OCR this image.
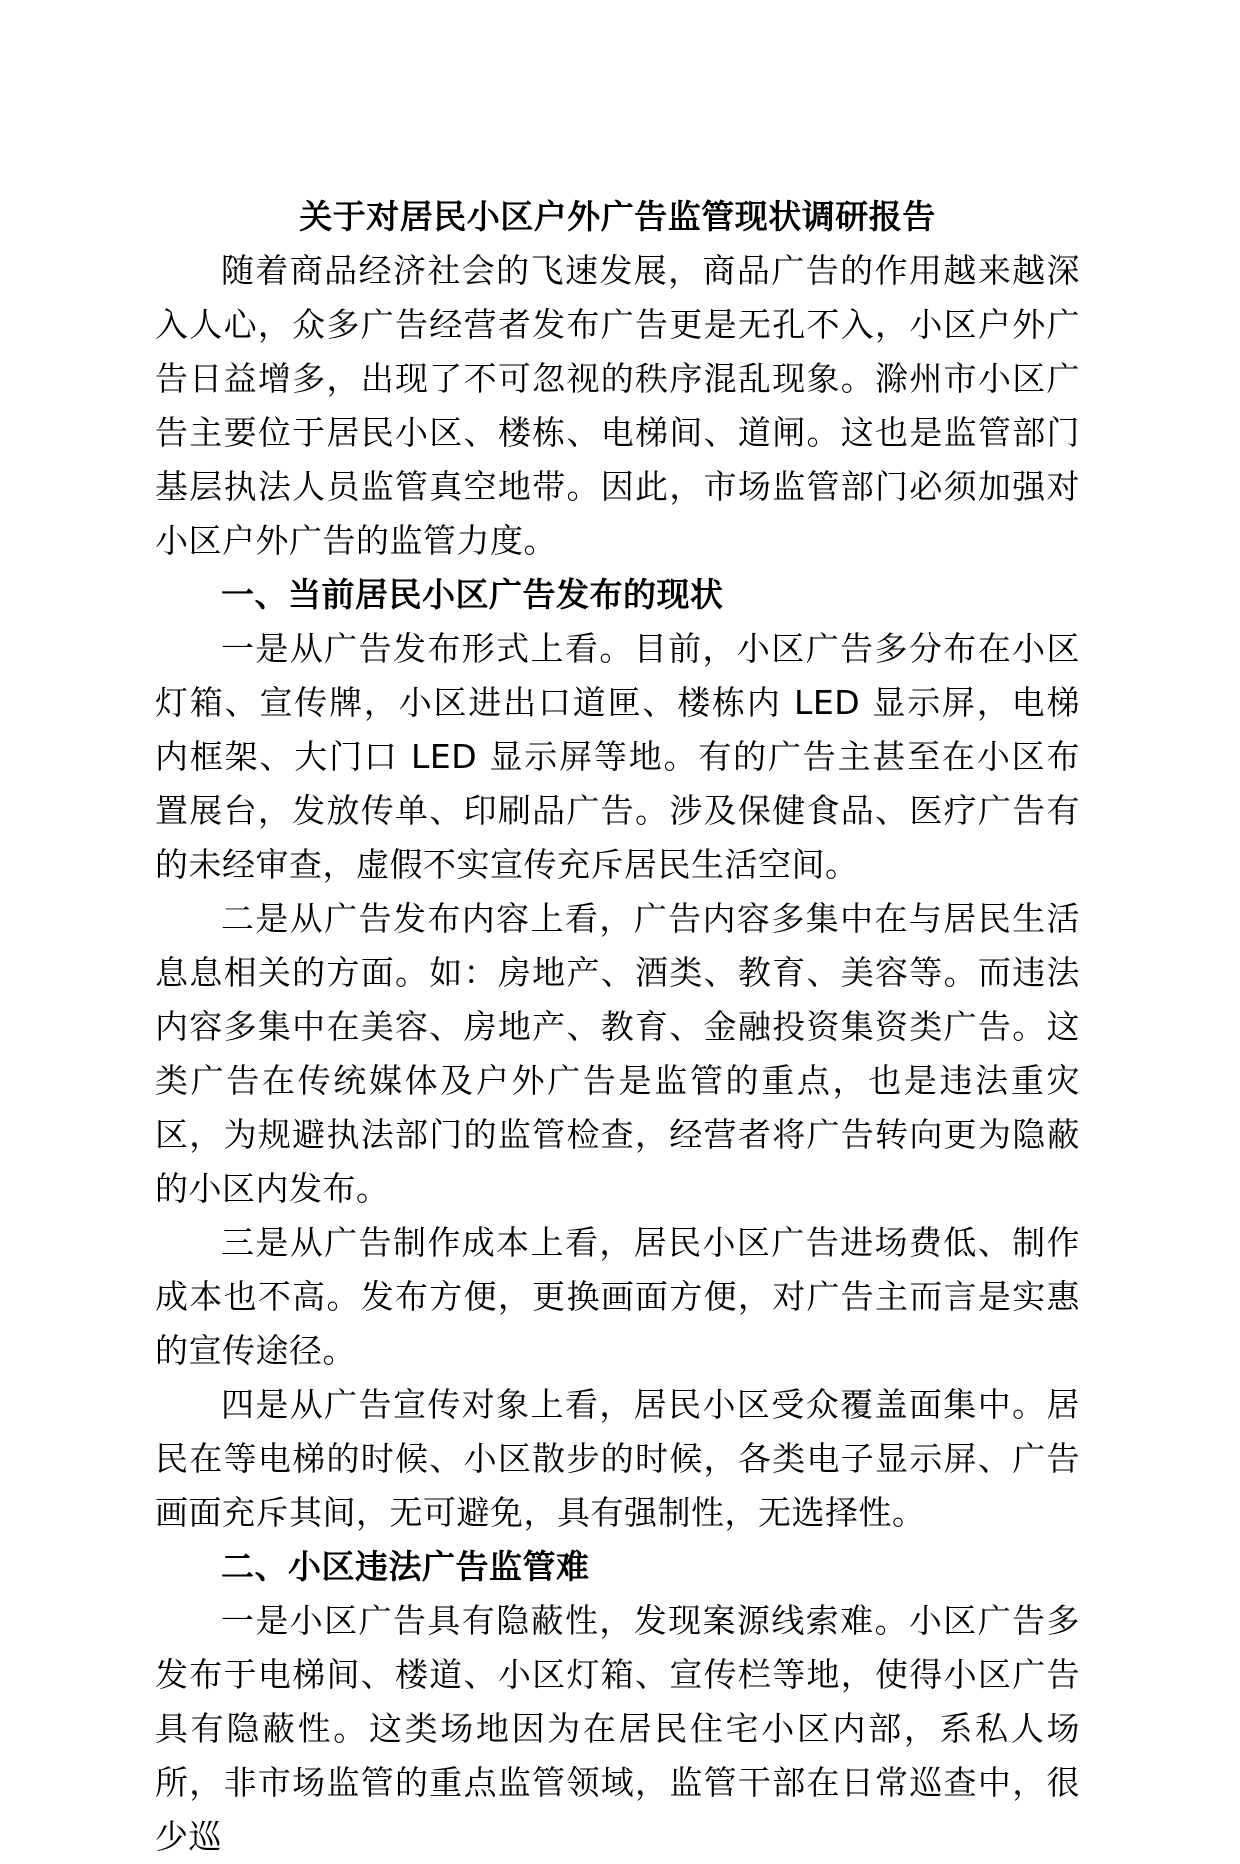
关于对居民小区户外广告监管现状调研报告

随着商品经济社会的飞速发展，商品广告的作用越来越深入人心，众多广告经营者发布广告更是无孔不入，小区户外广告日益增多，出现了不可忽视的秩序混乱现象。滁州市小区广告主要位于居民小区、楼栋、电梯间、道闸。这也是监管部门基层执法人员监管真空地带。因此，市场监管部门必须加强对小区户外广告的监管力度。

一、当前居民小区广告发布的现状

一是从广告发布形式上看。目前，小区广告多分布在小区灯箱、宣传牌，小区进出口道匣、楼栋内 LED 显示屏，电梯内框架、大门口 LED 显示屏等地。有的广告主甚至在小区布置展台，发放传单、印刷品广告。涉及保健食品、医疗广告有的未经审查，虚假不实宣传充斥居民生活空间。

二是从广告发布内容上看，广告内容多集中在与居民生活息息相关的方面。如：房地产、酒类、教育、美容等。而违法内容多集中在美容、房地产、教育、金融投资集资类广告。这类广告在传统媒体及户外广告是监管的重点，也是违法重灾区，为规避执法部门的监管检查，经营者将广告转向更为隐蔽的小区内发布。

三是从广告制作成本上看，居民小区广告进场费低、制作成本也不高。发布方便，更换画面方便，对广告主而言是实惠的宣传途径。

四是从广告宣传对象上看，居民小区受众覆盖面集中。居民在等电梯的时候、小区散步的时候，各类电子显示屏、广告画面充斥其间，无可避免，具有强制性，无选择性。

二、小区违法广告监管难

一是小区广告具有隐蔽性，发现案源线索难。小区广告多发布于电梯间、楼道、小区灯箱、宣传栏等地，使得小区广告具有隐蔽性。这类场地因为在居民住宅小区内部，系私人场所，非市场监管的重点监管领域，监管干部在日常巡查中，很少巡
